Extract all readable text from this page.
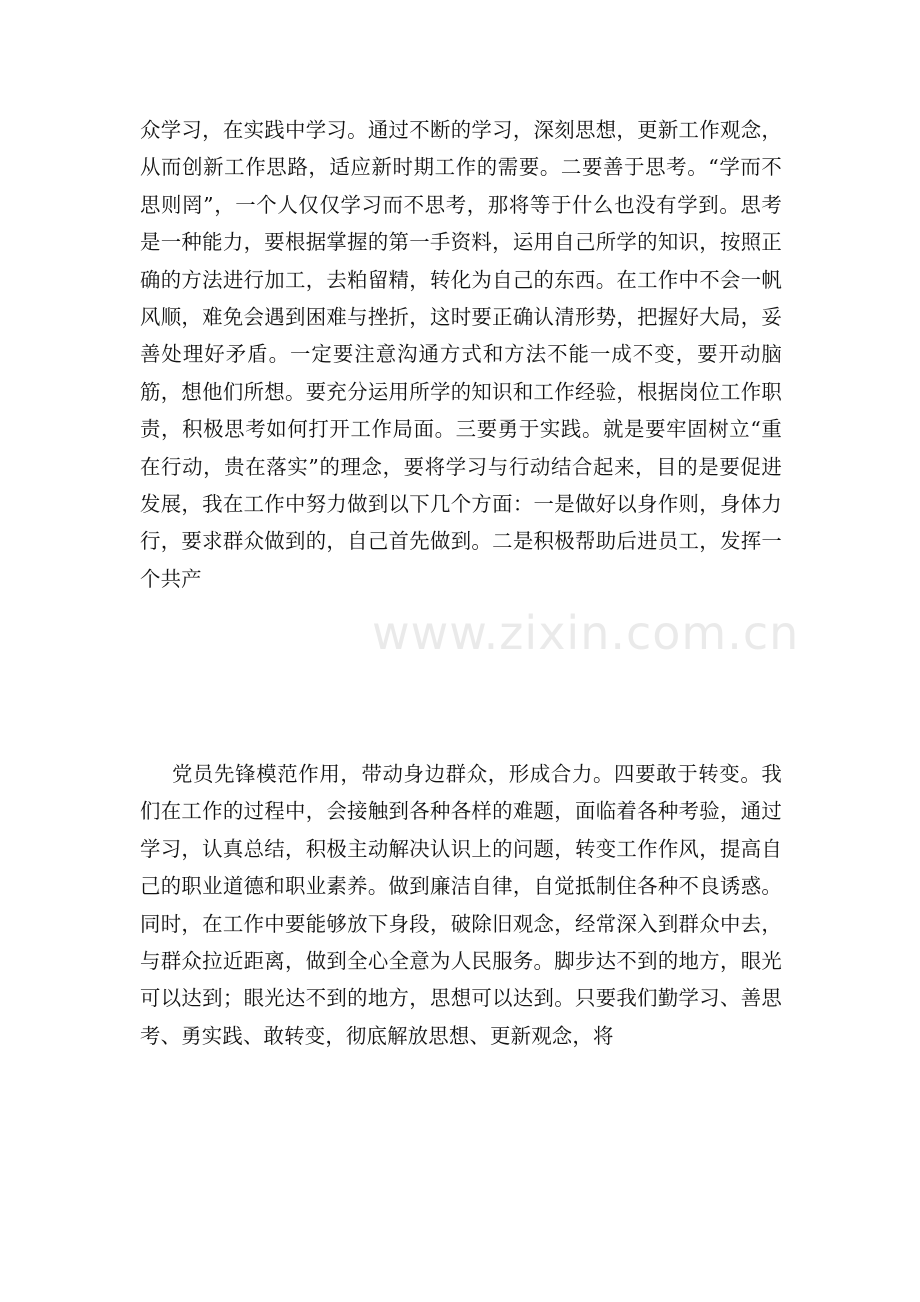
众学习，在实践中学习。通过不断的学习，深刻思想，更新工作观念，从而创新工作思路，适应新时期工作的需要。二要善于思考。“学而不思则罔”，一个人仅仅学习而不思考，那将等于什么也没有学到。思考是一种能力，要根据掌握的第一手资料，运用自己所学的知识，按照正确的方法进行加工，去粕留精，转化为自己的东西。在工作中不会一帆风顺，难免会遇到困难与挫折，这时要正确认清形势，把握好大局，妥善处理好矛盾。一定要注意沟通方式和方法不能一成不变，要开动脑筋，想他们所想。要充分运用所学的知识和工作经验，根据岗位工作职责，积极思考如何打开工作局面。三要勇于实践。就是要牢固树立“重在行动，贵在落实”的理念，要将学习与行动结合起来，目的是要促进发展，我在工作中努力做到以下几个方面：一是做好以身作则，身体力行，要求群众做到的，自己首先做到。二是积极帮助后进员工，发挥一个共产

党员先锋模范作用，带动身边群众，形成合力。四要敢于转变。我们在工作的过程中，会接触到各种各样的难题，面临着各种考验，通过学习，认真总结，积极主动解决认识上的问题，转变工作作风，提高自己的职业道德和职业素养。做到廉洁自律，自觉抵制住各种不良诱惑。同时，在工作中要能够放下身段，破除旧观念，经常深入到群众中去，与群众拉近距离，做到全心全意为人民服务。脚步达不到的地方，眼光可以达到；眼光达不到的地方，思想可以达到。只要我们勤学习、善思考、勇实践、敢转变，彻底解放思想、更新观念，将

www.zixin.com.cn
